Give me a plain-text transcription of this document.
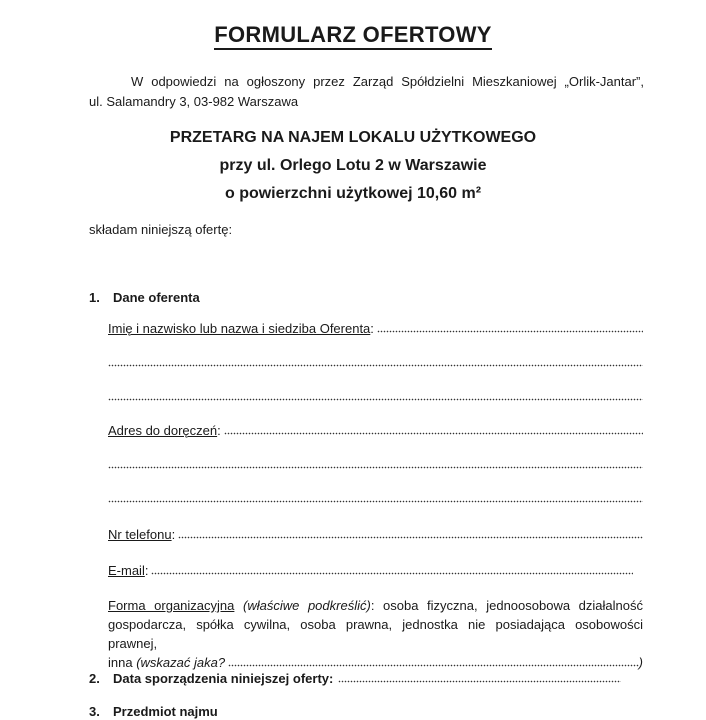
FORMULARZ OFERTOWY
W odpowiedzi na ogłoszony przez Zarząd Spółdzielni Mieszkaniowej „Orlik-Jantar”,
ul. Salamandry 3, 03-982 Warszawa
PRZETARG NA NAJEM LOKALU UŻYTKOWEGO
przy ul. Orlego Lotu 2 w Warszawie
o powierzchni użytkowej 10,60 m²
składam niniejszą ofertę:
1. Dane oferenta
Imię i nazwisko lub nazwa i siedziba Oferenta :
Adres do doręczeń :
Nr telefonu :
E-mail :
Forma organizacyjna (właściwe podkreślić): osoba fizyczna, jednoosobowa działalność
gospodarcza, spółka cywilna, osoba prawna, jednostka nie posiadająca osobowości prawnej,
inna (wskazać jaka?	)
2.	Data sporządzenia niniejszej oferty:
3. Przedmiot najmu
